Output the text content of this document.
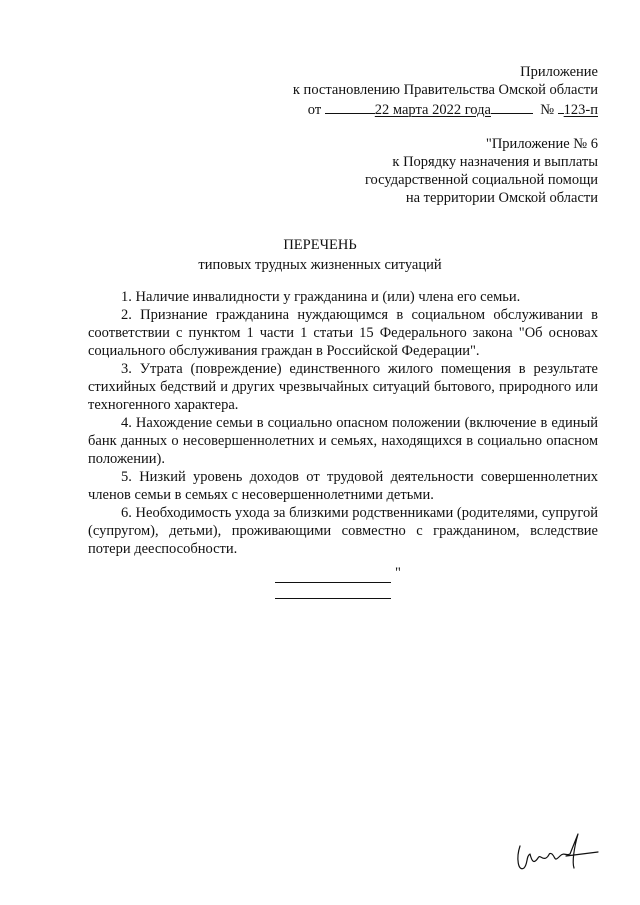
Приложение
к постановлению Правительства Омской области
от	22 марта 2022 года	№ 123-п
"Приложение № 6
к Порядку назначения и выплаты
государственной социальной помощи
на территории Омской области
ПЕРЕЧЕНЬ
типовых трудных жизненных ситуаций

1. Наличие инвалидности у гражданина и (или) члена его семьи.

2. Признание гражданина нуждающимся в социальном обслуживании в соответствии с пунктом 1 части 1 статьи 15 Федерального закона "Об основах социального обслуживания граждан в Российской Федерации".

3. Утрата (повреждение) единственного жилого помещения в результате стихийных бедствий и других чрезвычайных ситуаций бытового, природного или техногенного характера.

4. Нахождение семьи в социально опасном положении (включение в единый банк данных о несовершеннолетних и семьях, находящихся в социально опасном положении).

5. Низкий уровень доходов от трудовой деятельности совершеннолетних членов семьи в семьях с несовершеннолетними детьми.

6. Необходимость ухода за близкими родственниками (родителями, супругой (супругом), детьми), проживающими совместно с гражданином, вследствие потери дееспособности.

"
